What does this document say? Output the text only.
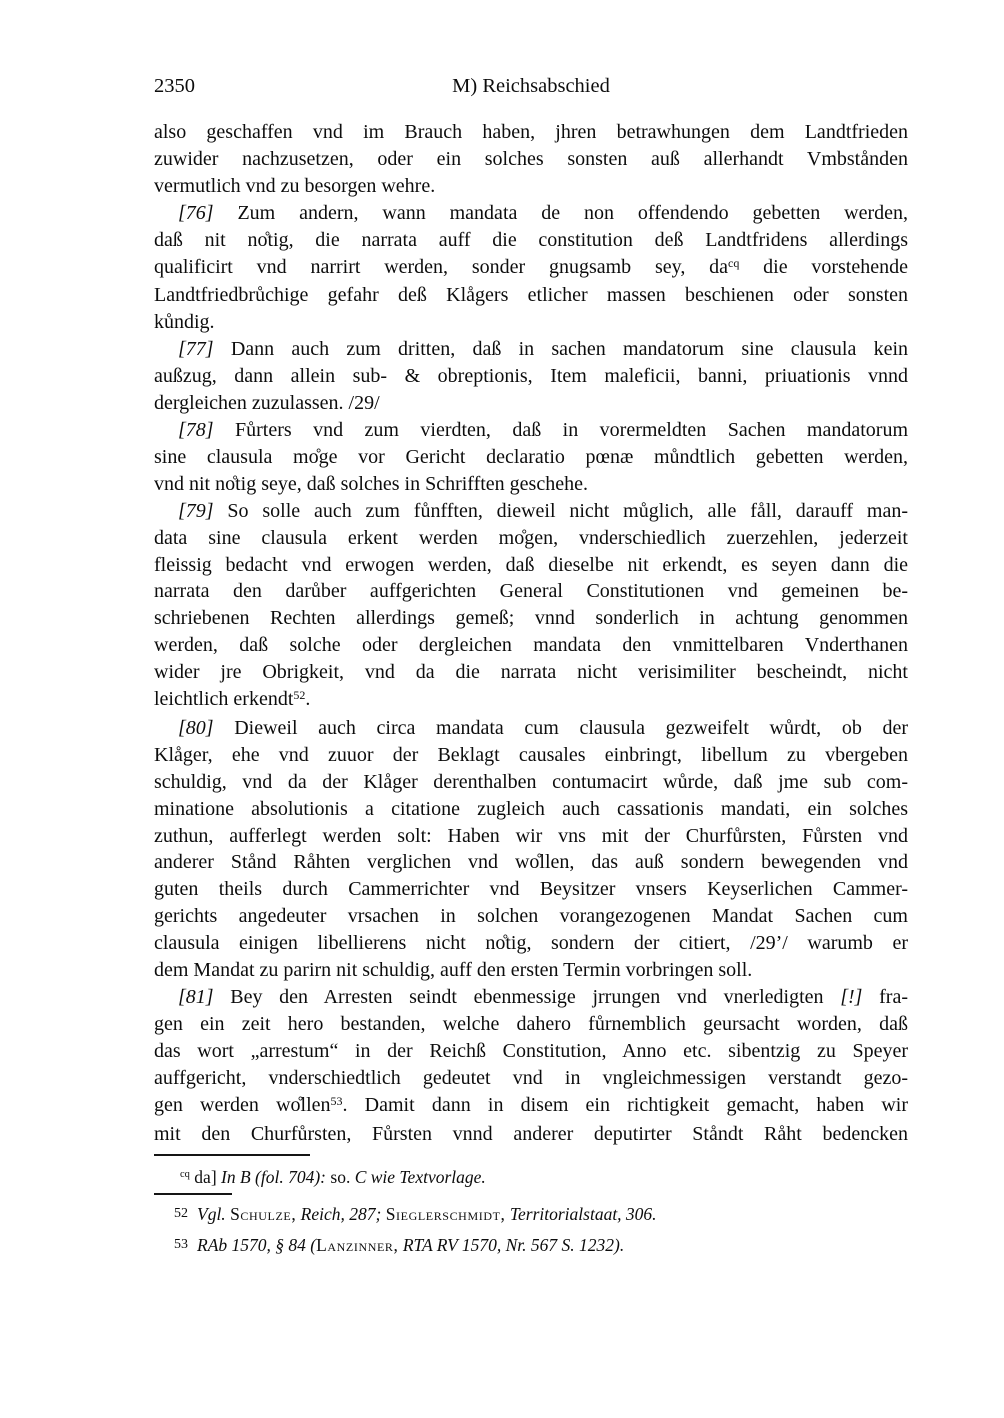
2350	M) Reichsabschied
also geschaffen vnd im Brauch haben, jhren betrawhungen dem Landtfrieden
zuwider nachzusetzen, oder ein solches sonsten auß allerhandt Vmbstånden
vermutlich vnd zu besorgen wehre.
[76] Zum andern, wann mandata de non offendendo gebetten werden,
daß nit no̊tig, die narrata auff die constitution deß Landtfridens allerdings
qualificirt vnd narrirt werden, sonder gnugsamb sey, $da^{cq}$ die vorstehende
Landtfriedbrůchige gefahr deß Klågers etlicher massen beschienen oder sonsten
kůndig.
[77] Dann auch zum dritten, daß in sachen mandatorum sine clausula kein
außzug, dann allein sub- & obreptionis, Item maleficii, banni, priuationis vnnd
dergleichen zuzulassen. /29/
[78] Fůrters vnd zum vierdten, daß in vorermeldten Sachen mandatorum
sine clausula mo̊ge vor Gericht declaratio pœnæ můndtlich gebetten werden,
vnd nit no̊tig seye, daß solches in Schrifften geschehe.
[79] So solle auch zum fůnfften, dieweil nicht můglich, alle fåll, darauff man-
data sine clausula erkent werden mo̊gen, vnderschiedlich zuerzehlen, jederzeit
fleissig bedacht vnd erwogen werden, daß dieselbe nit erkendt, es seyen dann die
narrata den darůber auffgerichten General Constitutionen vnd gemeinen be-
schriebenen Rechten allerdings gemeß; vnnd sonderlich in achtung genommen
werden, daß solche oder dergleichen mandata den vnmittelbaren Vnderthanen
wider jre Obrigkeit, vnd da die narrata nicht verisimiliter bescheindt, nicht
leichtlich erkendt$^{52}$.
[80] Dieweil auch circa mandata cum clausula gezweifelt wůrdt, ob der
Klåger, ehe vnd zuuor der Beklagt causales einbringt, libellum zu vbergeben
schuldig, vnd da der Klåger derenthalben contumacirt wůrde, daß jme sub com-
minatione absolutionis a citatione zugleich auch cassationis mandati, ein solches
zuthun, aufferlegt werden solt: Haben wir vns mit der Churfůrsten, Fůrsten vnd
anderer Stånd Råhten verglichen vnd wo̊llen, das auß sondern bewegenden vnd
guten theils durch Cammerrichter vnd Beysitzer vnsers Keyserlichen Cammer-
gerichts angedeuter vrsachen in solchen vorangezogenen Mandat Sachen cum
clausula einigen libellierens nicht no̊tig, sondern der citiert, /29’/ warumb er
dem Mandat zu parirn nit schuldig, auff den ersten Termin vorbringen soll.
[81] Bey den Arresten seindt ebenmessige jrrungen vnd vnerledigten [!] fra-
gen ein zeit hero bestanden, welche dahero fůrnemblich geursacht worden, daß
das wort „arrestum“ in der Reichß Constitution, Anno etc. sibentzig zu Speyer
auffgericht, vnderschiedtlich gedeutet vnd in vngleichmessigen verstandt gezo-
gen werden wo̊llen$^{53}$. Damit dann in disem ein richtigkeit gemacht, haben wir
mit den Churfůrsten, Fůrsten vnnd anderer deputirter Ståndt Råht bedencken
$^{cq}$ da] In B (fol. 704): so. C wie Textvorlage.
52 Vgl. Schulze, Reich, 287; Sieglerschmidt, Territorialstaat, 306.
53 RAb 1570, § 84 (Lanzinner, RTA RV 1570, Nr. 567 S. 1232).
